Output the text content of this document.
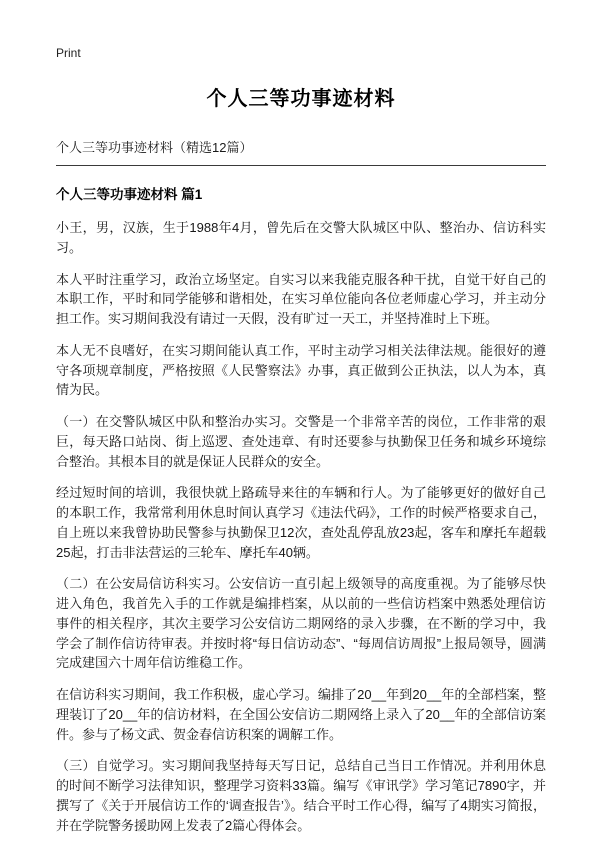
Print
个人三等功事迹材料
个人三等功事迹材料（精选12篇）
个人三等功事迹材料 篇1

小王，男，汉族，生于1988年4月，曾先后在交警大队城区中队、整治办、信访科实习。

本人平时注重学习，政治立场坚定。自实习以来我能克服各种干扰，自觉干好自己的本职工作，平时和同学能够和谐相处，在实习单位能向各位老师虚心学习，并主动分担工作。实习期间我没有请过一天假，没有旷过一天工，并坚持准时上下班。

本人无不良嗜好，在实习期间能认真工作，平时主动学习相关法律法规。能很好的遵守各项规章制度，严格按照《人民警察法》办事，真正做到公正执法，以人为本，真情为民。

（一）在交警队城区中队和整治办实习。交警是一个非常辛苦的岗位，工作非常的艰巨，每天路口站岗、街上巡逻、查处违章、有时还要参与执勤保卫任务和城乡环境综合整治。其根本目的就是保证人民群众的安全。

经过短时间的培训，我很快就上路疏导来往的车辆和行人。为了能够更好的做好自己的本职工作，我常常利用休息时间认真学习《违法代码》，工作的时候严格要求自己，自上班以来我曾协助民警参与执勤保卫12次，查处乱停乱放23起，客车和摩托车超载25起，打击非法营运的三轮车、摩托车40辆。

（二）在公安局信访科实习。公安信访一直引起上级领导的高度重视。为了能够尽快进入角色，我首先入手的工作就是编排档案，从以前的一些信访档案中熟悉处理信访事件的相关程序，其次主要学习公安信访二期网络的录入步骤，在不断的学习中，我学会了制作信访待审表。并按时将“每日信访动态”、“每周信访周报”上报局领导，圆满完成建国六十周年信访维稳工作。

在信访科实习期间，我工作积极，虚心学习。编排了20__年到20__年的全部档案，整理装订了20__年的信访材料，在全国公安信访二期网络上录入了20__年的全部信访案件。参与了杨文武、贺金春信访积案的调解工作。

（三）自觉学习。实习期间我坚持每天写日记，总结自己当日工作情况。并利用休息的时间不断学习法律知识，整理学习资料33篇。编写《审讯学》学习笔记7890字，并撰写了《关于开展信访工作的‘调查报告’》。结合平时工作心得，编写了4期实习简报，并在学院警务援助网上发表了2篇心得体会。
